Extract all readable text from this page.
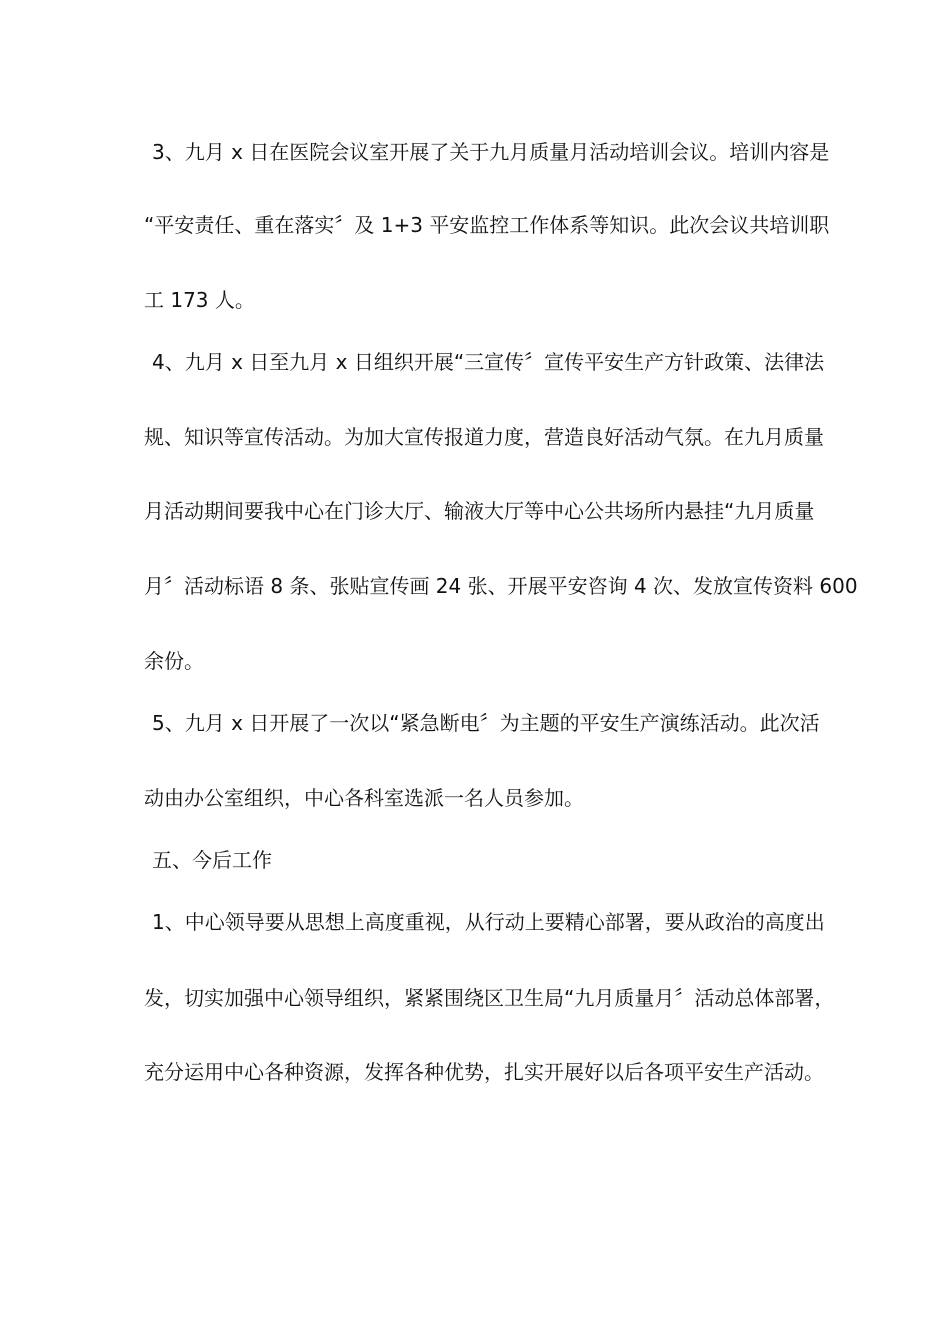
3、九月 x 日在医院会议室开展了关于九月质量月活动培训会议。培训内容是
“平安责任、重在落实〞及 1+3 平安监控工作体系等知识。此次会议共培训职
工 173 人。
4、九月 x 日至九月 x 日组织开展“三宣传〞宣传平安生产方针政策、法律法
规、知识等宣传活动。为加大宣传报道力度，营造良好活动气氛。在九月质量
月活动期间要我中心在门诊大厅、输液大厅等中心公共场所内悬挂“九月质量
月〞活动标语 8 条、张贴宣传画 24 张、开展平安咨询 4 次、发放宣传资料 600
余份。
5、九月 x 日开展了一次以“紧急断电〞为主题的平安生产演练活动。此次活
动由办公室组织，中心各科室选派一名人员参加。
五、今后工作
1、中心领导要从思想上高度重视，从行动上要精心部署，要从政治的高度出
发，切实加强中心领导组织，紧紧围绕区卫生局“九月质量月〞活动总体部署，
充分运用中心各种资源，发挥各种优势，扎实开展好以后各项平安生产活动。
